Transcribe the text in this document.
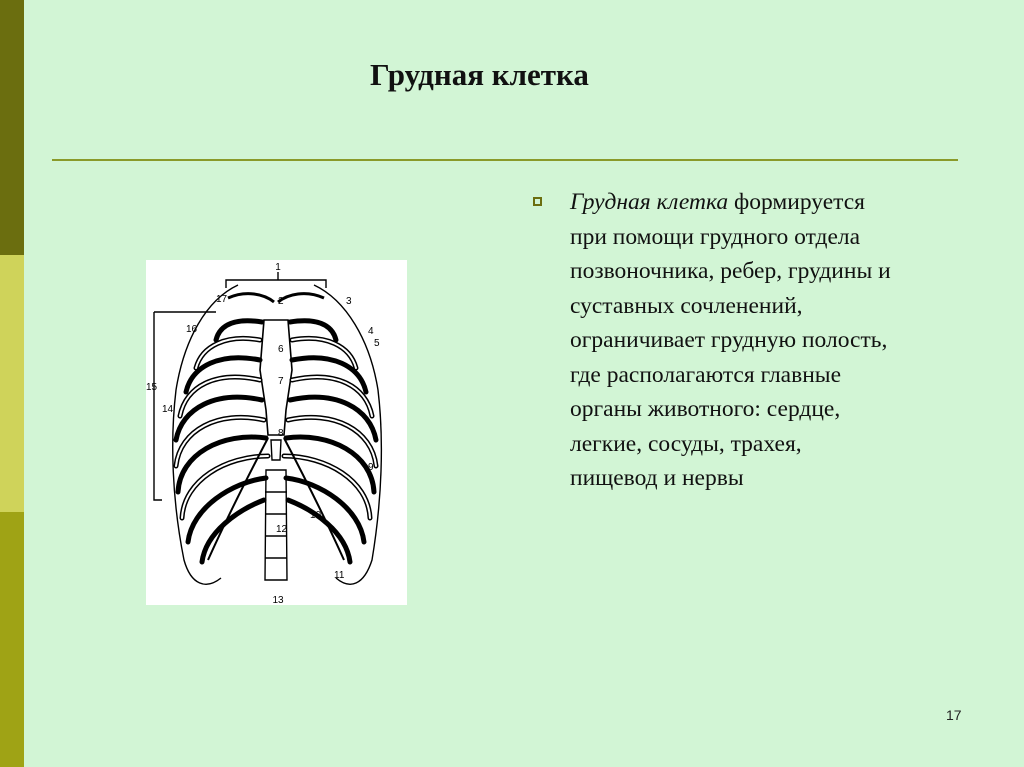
Грудная клетка
Грудная клетка формируется
при помощи грудного отдела
позвоночника, ребер, грудины и
суставных сочленений,
ограничивает грудную полость,
где располагаются главные
органы животного: сердце,
легкие, сосуды, трахея,
пищевод и нервы
1
2	3
4
5
6
7
8
9
10
11
12
13
14
15
16
17
17
